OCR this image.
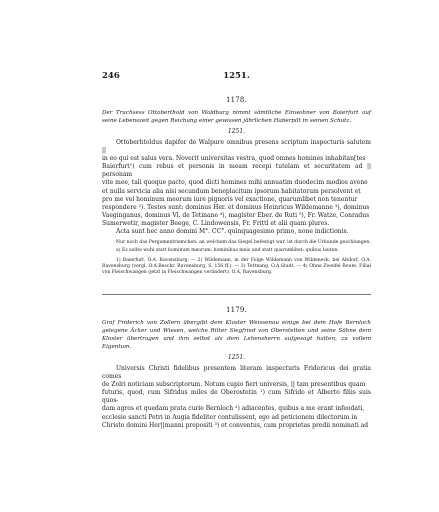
246	1251.

1178.

Der Truchsess Ottoberthold von Waldburg nimmt sämtliche Einwohner von Baierfurt auf seine Lebenszeit gegen Reichung einer gewissen jährlichen Haberpilt in seinen Schutz.

1251.

Ottoberhtoldus dapifer de Walpure omnibus presens scriptum inspecturis salutem ||
in eo qui est salus vera. Noverit universitas vestra, quod omnes homines inhabitan[tes
Baierfurt¹) cum rebus et personis in meam recepi tutelam et securitatem ad || personam
vite mee, tali quoque pacto, quod dicti homines mihi annuatim duodecim modios avene
et nulla servicia alia nisi secundum beneplacitum ipsorum habitatorum persolvent et
pro me vel hominum meorum iure pignoris vel exactione, quarumlibet non tenentur
respondere ²). Testes sunt: dominus Her. et dominus Heinricus Wildemanne ³), dominus
Vaeginganus, dominus Vl. de Tetinane ⁴), magister Eber. de Ruti ⁵), Fr. Watze, Conradus
Sumerwetir, magister Beege, C. Lindowensis, Fr. Frittl et alii quam plures.
Acta sunt hec anno domini M°. CC°. quinquagesimo primo, none indictionis.

Nur noch das Pergamentriemchen, an welchem das Siegel befestigt war, ist durch die Urkunde geschlungen.

a) Es sollte wohl statt hominum meorum: hominibus meis und statt quarumlibet: quibus lauten.

1) Baierfurt, O.A. Ravensburg. — 2) Wildemann, in der Folge Wildemann von Wildeneck, bei Altdorf, O.A. Ravensburg (vergl. O.A.Beschr. Ravensburg, S. 156 ff.). — 3) Tettnang. O.A.Stadt. — 4) Ohne Zweifel Reute, Filial von Fleischwangen (jetzt in Fleischwangen verändert). O.A. Ravensburg.

1179.

Graf Friderich von Zollern übergibt dem Kloster Weissenau einige bei dem Hofe Bernloch gelegene Äcker und Wiesen, welche Ritter Siegfried von Oberstetten und seine Söhne dem Kloster übertragen und ihm selbst als dem Lehensherrn aufgesagt hatten, zu vollem Eigentum.

1251.

Universis Christi fidelibus presentem literam inspecturis Fridericus dei gratia comes
de Zolri noticiam subscriptorum. Notum cupio fieri universis, || tam presentibus quam
futuris, quod, cum Sifridus miles de Oberostetin ¹) cum Sifrido et Alberto filiis suis quos-
dam agros et quedam prata curie Bernloch ²) adiacentes, quibus a me erant infeodati,
ecclesie sancti Petri in Augia fideliter contulissent, ego ad peticionem dilectorum in
Christo domini Her||manni prepositi ³) et conventus, cum proprietas predii nominati ad
